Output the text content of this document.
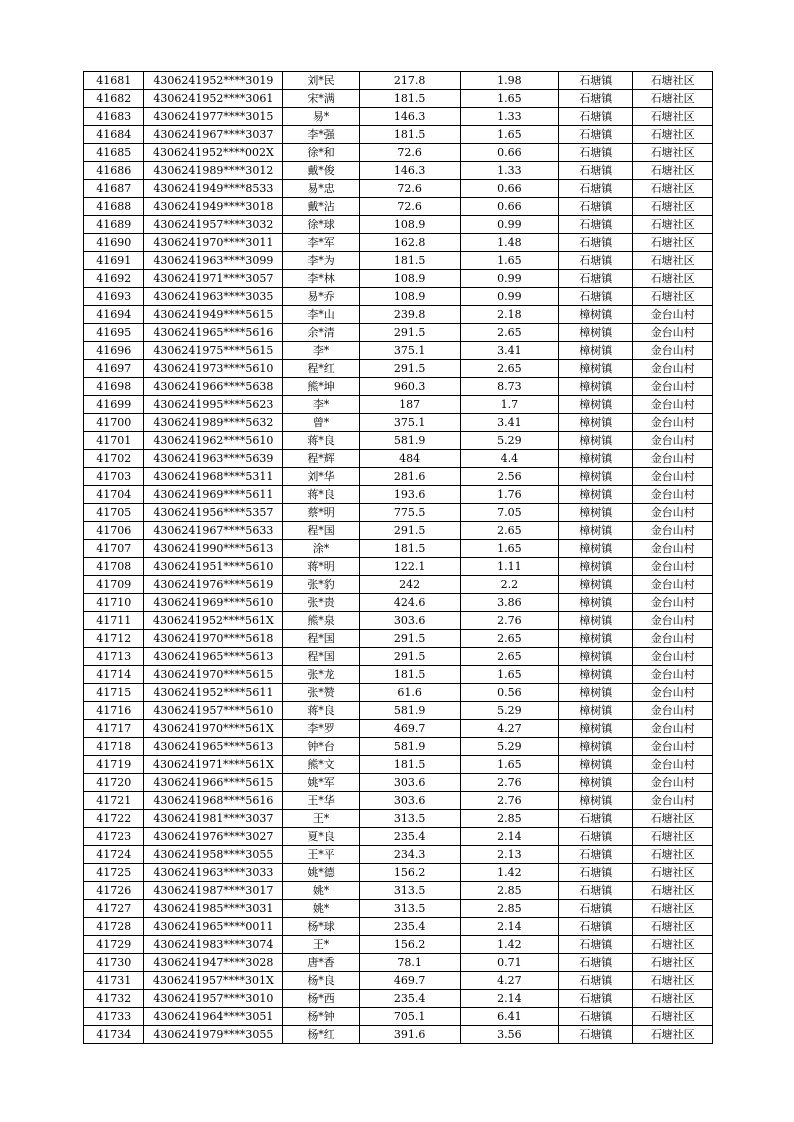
41681	4306241952****3019	刘*民	217.8	1.98	石塘镇	石塘社区
41682	4306241952****3061	宋*满	181.5	1.65	石塘镇	石塘社区
41683	4306241977****3015	易*	146.3	1.33	石塘镇	石塘社区
41684	4306241967****3037	李*强	181.5	1.65	石塘镇	石塘社区
41685	4306241952****002X	徐*和	72.6	0.66	石塘镇	石塘社区
41686	4306241989****3012	戴*俊	146.3	1.33	石塘镇	石塘社区
41687	4306241949****8533	易*忠	72.6	0.66	石塘镇	石塘社区
41688	4306241949****3018	戴*沾	72.6	0.66	石塘镇	石塘社区
41689	4306241957****3032	徐*球	108.9	0.99	石塘镇	石塘社区
41690	4306241970****3011	李*军	162.8	1.48	石塘镇	石塘社区
41691	4306241963****3099	李*为	181.5	1.65	石塘镇	石塘社区
41692	4306241971****3057	李*林	108.9	0.99	石塘镇	石塘社区
41693	4306241963****3035	易*乔	108.9	0.99	石塘镇	石塘社区
41694	4306241949****5615	李*山	239.8	2.18	樟树镇	金台山村
41695	4306241965****5616	余*清	291.5	2.65	樟树镇	金台山村
41696	4306241975****5615	李*	375.1	3.41	樟树镇	金台山村
41697	4306241973****5610	程*红	291.5	2.65	樟树镇	金台山村
41698	4306241966****5638	熊*坤	960.3	8.73	樟树镇	金台山村
41699	4306241995****5623	李*	187	1.7	樟树镇	金台山村
41700	4306241989****5632	曾*	375.1	3.41	樟树镇	金台山村
41701	4306241962****5610	蒋*良	581.9	5.29	樟树镇	金台山村
41702	4306241963****5639	程*辉	484	4.4	樟树镇	金台山村
41703	4306241968****5311	刘*华	281.6	2.56	樟树镇	金台山村
41704	4306241969****5611	蒋*良	193.6	1.76	樟树镇	金台山村
41705	4306241956****5357	蔡*明	775.5	7.05	樟树镇	金台山村
41706	4306241967****5633	程*国	291.5	2.65	樟树镇	金台山村
41707	4306241990****5613	涂*	181.5	1.65	樟树镇	金台山村
41708	4306241951****5610	蒋*明	122.1	1.11	樟树镇	金台山村
41709	4306241976****5619	张*豹	242	2.2	樟树镇	金台山村
41710	4306241969****5610	张*贵	424.6	3.86	樟树镇	金台山村
41711	4306241952****561X	熊*泉	303.6	2.76	樟树镇	金台山村
41712	4306241970****5618	程*国	291.5	2.65	樟树镇	金台山村
41713	4306241965****5613	程*国	291.5	2.65	樟树镇	金台山村
41714	4306241970****5615	张*龙	181.5	1.65	樟树镇	金台山村
41715	4306241952****5611	张*赞	61.6	0.56	樟树镇	金台山村
41716	4306241957****5610	蒋*良	581.9	5.29	樟树镇	金台山村
41717	4306241970****561X	李*罗	469.7	4.27	樟树镇	金台山村
41718	4306241965****5613	钟*台	581.9	5.29	樟树镇	金台山村
41719	4306241971****561X	熊*文	181.5	1.65	樟树镇	金台山村
41720	4306241966****5615	姚*军	303.6	2.76	樟树镇	金台山村
41721	4306241968****5616	王*华	303.6	2.76	樟树镇	金台山村
41722	4306241981****3037	王*	313.5	2.85	石塘镇	石塘社区
41723	4306241976****3027	夏*良	235.4	2.14	石塘镇	石塘社区
41724	4306241958****3055	王*平	234.3	2.13	石塘镇	石塘社区
41725	4306241963****3033	姚*德	156.2	1.42	石塘镇	石塘社区
41726	4306241987****3017	姚*	313.5	2.85	石塘镇	石塘社区
41727	4306241985****3031	姚*	313.5	2.85	石塘镇	石塘社区
41728	4306241965****0011	杨*球	235.4	2.14	石塘镇	石塘社区
41729	4306241983****3074	王*	156.2	1.42	石塘镇	石塘社区
41730	4306241947****3028	唐*香	78.1	0.71	石塘镇	石塘社区
41731	4306241957****301X	杨*良	469.7	4.27	石塘镇	石塘社区
41732	4306241957****3010	杨*西	235.4	2.14	石塘镇	石塘社区
41733	4306241964****3051	杨*钟	705.1	6.41	石塘镇	石塘社区
41734	4306241979****3055	杨*红	391.6	3.56	石塘镇	石塘社区
